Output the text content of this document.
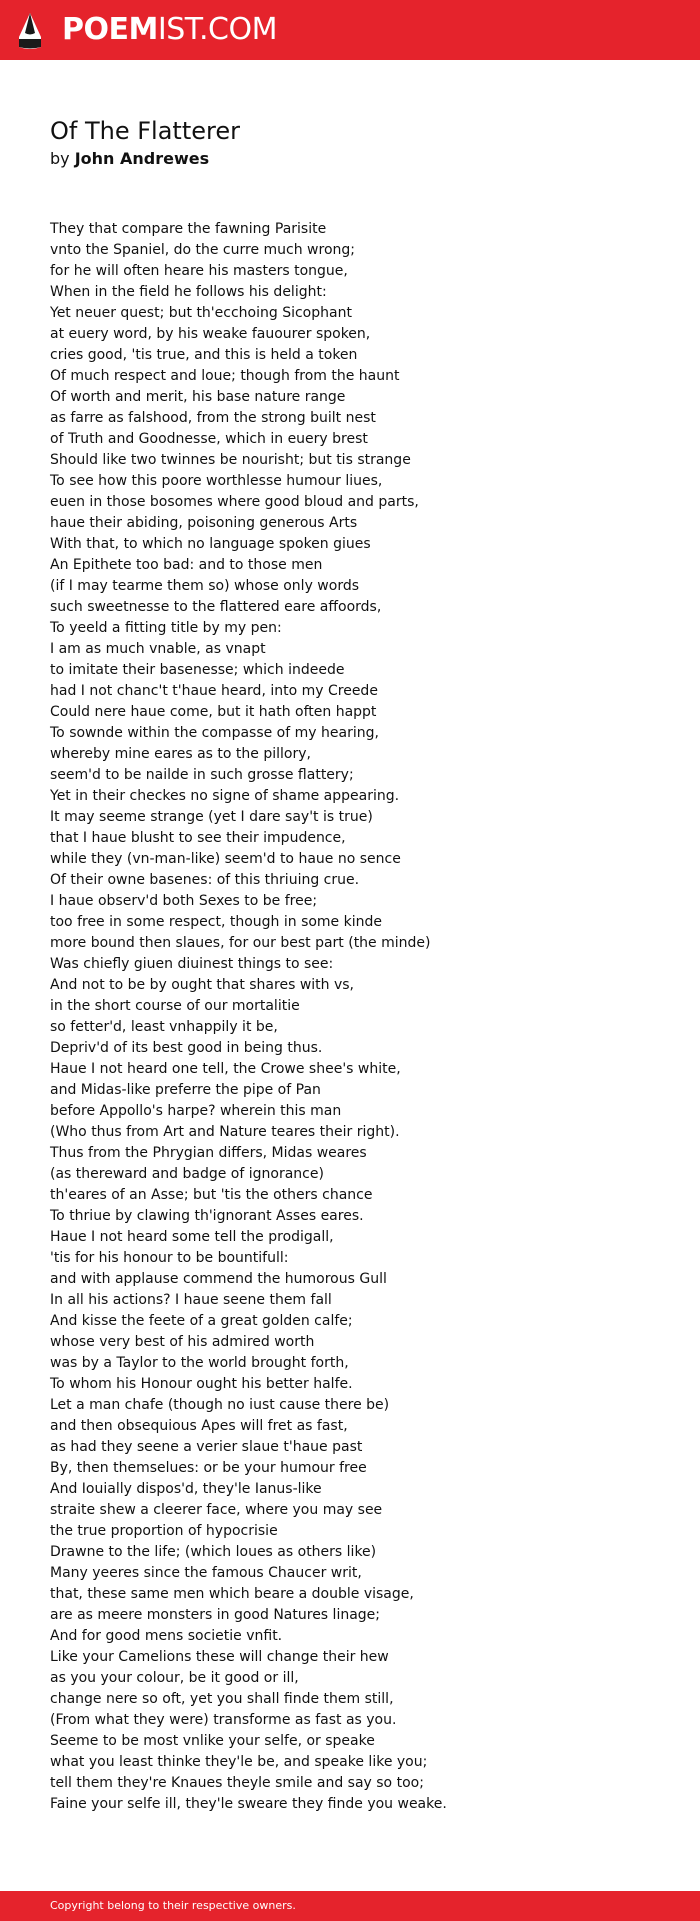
POEMIST.COM
Of The Flatterer
by John Andrewes
They that compare the fawning Parisite
vnto the Spaniel, do the curre much wrong;
for he will often heare his masters tongue,
When in the field he follows his delight:
Yet neuer quest; but th'ecchoing Sicophant
at euery word, by his weake fauourer spoken,
cries good, 'tis true, and this is held a token
Of much respect and loue; though from the haunt
Of worth and merit, his base nature range
as farre as falshood, from the strong built nest
of Truth and Goodnesse, which in euery brest
Should like two twinnes be nourisht; but tis strange
To see how this poore worthlesse humour liues,
euen in those bosomes where good bloud and parts,
haue their abiding, poisoning generous Arts
With that, to which no language spoken giues
An Epithete too bad: and to those men
(if I may tearme them so) whose only words
such sweetnesse to the flattered eare affoords,
To yeeld a fitting title by my pen:
I am as much vnable, as vnapt
to imitate their basenesse; which indeede
had I not chanc't t'haue heard, into my Creede
Could nere haue come, but it hath often happt
To sownde within the compasse of my hearing,
whereby mine eares as to the pillory,
seem'd to be nailde in such grosse flattery;
Yet in their checkes no signe of shame appearing.
It may seeme strange (yet I dare say't is true)
that I haue blusht to see their impudence,
while they (vn-man-like) seem'd to haue no sence
Of their owne basenes: of this thriuing crue.
I haue observ'd both Sexes to be free;
too free in some respect, though in some kinde
more bound then slaues, for our best part (the minde)
Was chiefly giuen diuinest things to see:
And not to be by ought that shares with vs,
in the short course of our mortalitie
so fetter'd, least vnhappily it be,
Depriv'd of its best good in being thus.
Haue I not heard one tell, the Crowe shee's white,
and Midas-like preferre the pipe of Pan
before Appollo's harpe? wherein this man
(Who thus from Art and Nature teares their right).
Thus from the Phrygian differs, Midas weares
(as thereward and badge of ignorance)
th'eares of an Asse; but 'tis the others chance
To thriue by clawing th'ignorant Asses eares.
Haue I not heard some tell the prodigall,
'tis for his honour to be bountifull:
and with applause commend the humorous Gull
In all his actions? I haue seene them fall
And kisse the feete of a great golden calfe;
whose very best of his admired worth
was by a Taylor to the world brought forth,
To whom his Honour ought his better halfe.
Let a man chafe (though no iust cause there be)
and then obsequious Apes will fret as fast,
as had they seene a verier slaue t'haue past
By, then themselues: or be your humour free
And Iouially dispos'd, they'le Ianus-like
straite shew a cleerer face, where you may see
the true proportion of hypocrisie
Drawne to the life; (which loues as others like)
Many yeeres since the famous Chaucer writ,
that, these same men which beare a double visage,
are as meere monsters in good Natures linage;
And for good mens societie vnfit.
Like your Camelions these will change their hew
as you your colour, be it good or ill,
change nere so oft, yet you shall finde them still,
(From what they were) transforme as fast as you.
Seeme to be most vnlike your selfe, or speake
what you least thinke they'le be, and speake like you;
tell them they're Knaues theyle smile and say so too;
Faine your selfe ill, they'le sweare they finde you weake.
Copyright belong to their respective owners.
